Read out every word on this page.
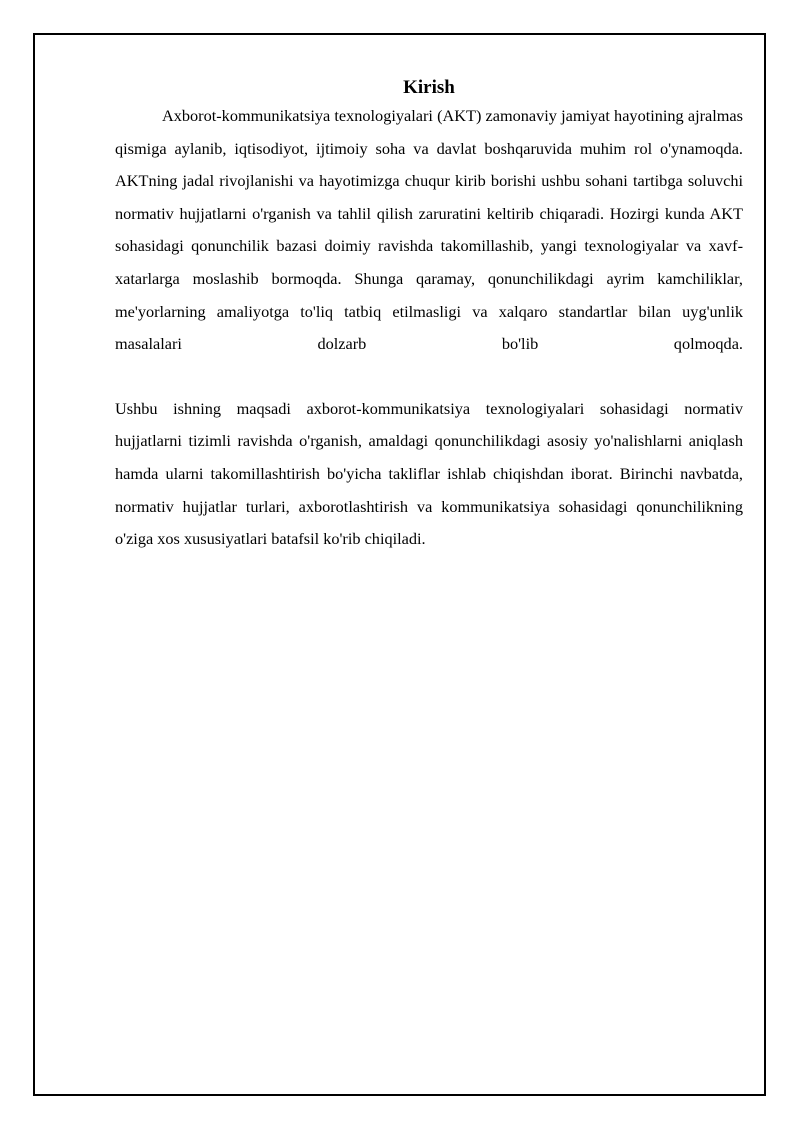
Kirish

Axborot-kommunikatsiya texnologiyalari (AKT) zamonaviy jamiyat hayotining ajralmas qismiga aylanib, iqtisodiyot, ijtimoiy soha va davlat boshqaruvida muhim rol o'ynamoqda. AKTning jadal rivojlanishi va hayotimizga chuqur kirib borishi ushbu sohani tartibga soluvchi normativ hujjatlarni o'rganish va tahlil qilish zaruratini keltirib chiqaradi. Hozirgi kunda AKT sohasidagi qonunchilik bazasi doimiy ravishda takomillashib, yangi texnologiyalar va xavf-xatarlarga moslashib bormoqda. Shunga qaramay, qonunchilikdagi ayrim kamchiliklar, me'yorlarning amaliyotga to'liq tatbiq etilmasligi va xalqaro standartlar bilan uyg'unlik masalalari dolzarb bo'lib qolmoqda.

Ushbu ishning maqsadi axborot-kommunikatsiya texnologiyalari sohasidagi normativ hujjatlarni tizimli ravishda o'rganish, amaldagi qonunchilikdagi asosiy yo'nalishlarni aniqlash hamda ularni takomillashtirish bo'yicha takliflar ishlab chiqishdan iborat. Birinchi navbatda, normativ hujjatlar turlari, axborotlashtirish va kommunikatsiya sohasidagi qonunchilikning o'ziga xos xususiyatlari batafsil ko'rib chiqiladi.
